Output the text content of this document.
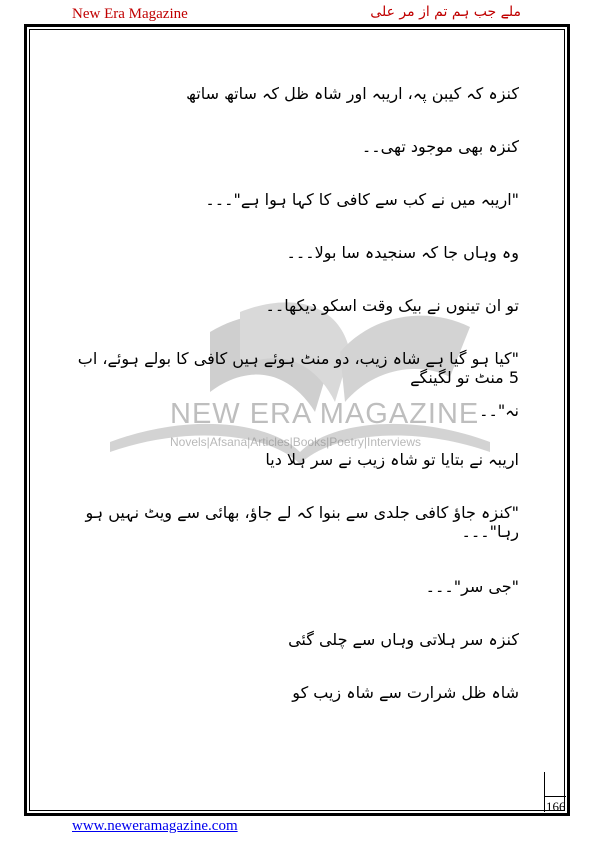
New Era Magazine	ملے جب ہم تم از مر علی
NEW ERA MAGAZINE
Novels|Afsana|Articles|Books|Poetry|Interviews

کنزہ کہ کیبن پہ، اریبہ اور شاہ ظل کہ ساتھ ساتھ

کنزہ بھی موجود تھی۔۔

"اریبہ میں نے کب سے کافی کا کہا ہوا ہے"۔۔۔

وہ وہاں جا کہ سنجیدہ سا بولا۔۔۔

تو ان تینوں نے بیک وقت اسکو دیکھا۔۔

"کیا ہو گیا ہے شاہ زیب، دو منٹ ہوئے ہیں کافی کا بولے ہوئے، اب 5 منٹ تو لگینگے

نہ"۔۔

اریبہ نے بتایا تو شاہ زیب نے سر ہلا دیا

"کنزہ جاؤ کافی جلدی سے بنوا کہ لے جاؤ، بھائی سے ویٹ نہیں ہو رہا"۔۔۔

"جی سر"۔۔۔

کنزہ سر ہلاتی وہاں سے چلی گئی

شاہ ظل شرارت سے شاہ زیب کو

166
www.neweramagazine.com
